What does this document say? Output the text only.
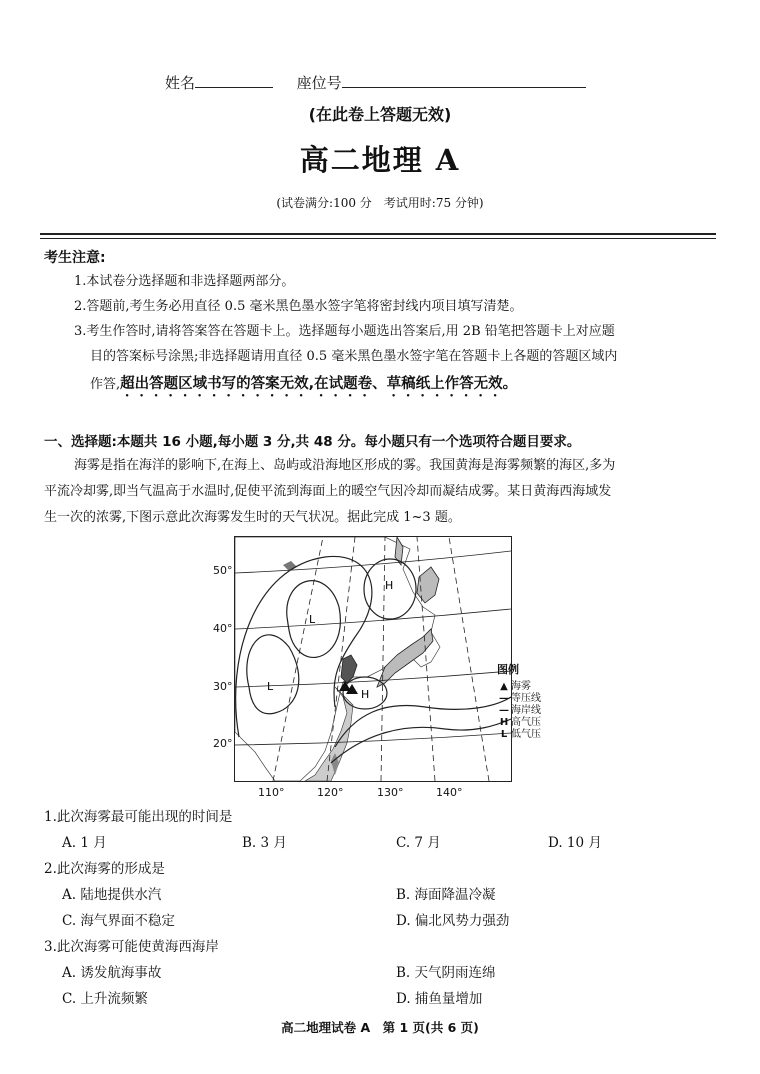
姓名	座位号
(在此卷上答题无效)
高二地理 A
(试卷满分:100 分　考试用时:75 分钟)
考生注意:
1.本试卷分选择题和非选择题两部分。
2.答题前,考生务必用直径 0.5 毫米黑色墨水签字笔将密封线内项目填写清楚。
3.考生作答时,请将答案答在答题卡上。选择题每小题选出答案后,用 2B 铅笔把答题卡上对应题
目的答案标号涂黑;非选择题请用直径 0.5 毫米黑色墨水签字笔在答题卡上各题的答题区域内
作答,超出答题区域书写的答案无效,在试题卷、草稿纸上作答无效。
一、选择题:本题共 16 小题,每小题 3 分,共 48 分。每小题只有一个选项符合题目要求。
海雾是指在海洋的影响下,在海上、岛屿或沿海地区形成的雾。我国黄海是海雾频繁的海区,多为
平流冷却雾,即当气温高于水温时,促使平流到海面上的暖空气因冷却而凝结成雾。某日黄海西海域发
生一次的浓雾,下图示意此次海雾发生时的天气状况。据此完成 1~3 题。
H
L
L
H
50°
40°
30°
20°
110°	120°	130°	140°
图例
▲ 海雾
— 等压线
— 海岸线
H 高气压
L 低气压
1.此次海雾最可能出现的时间是
A. 1 月	B. 3 月	C. 7 月	D. 10 月
2.此次海雾的形成是
A. 陆地提供水汽	B. 海面降温冷凝
C. 海气界面不稳定	D. 偏北风势力强劲
3.此次海雾可能使黄海西海岸
A. 诱发航海事故	B. 天气阴雨连绵
C. 上升流频繁	D. 捕鱼量增加
高二地理试卷 A　第 1 页(共 6 页)
